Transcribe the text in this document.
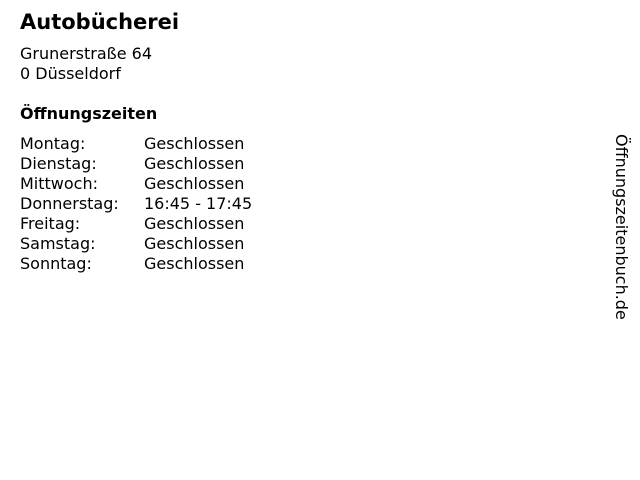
Autobücherei
Grunerstraße 64
0 Düsseldorf
Öffnungszeiten
Montag:	Geschlossen
Dienstag:	Geschlossen
Mittwoch:	Geschlossen
Donnerstag:	16:45 - 17:45
Freitag:	Geschlossen
Samstag:	Geschlossen
Sonntag:	Geschlossen	Öffnungszeitenbuch.de
